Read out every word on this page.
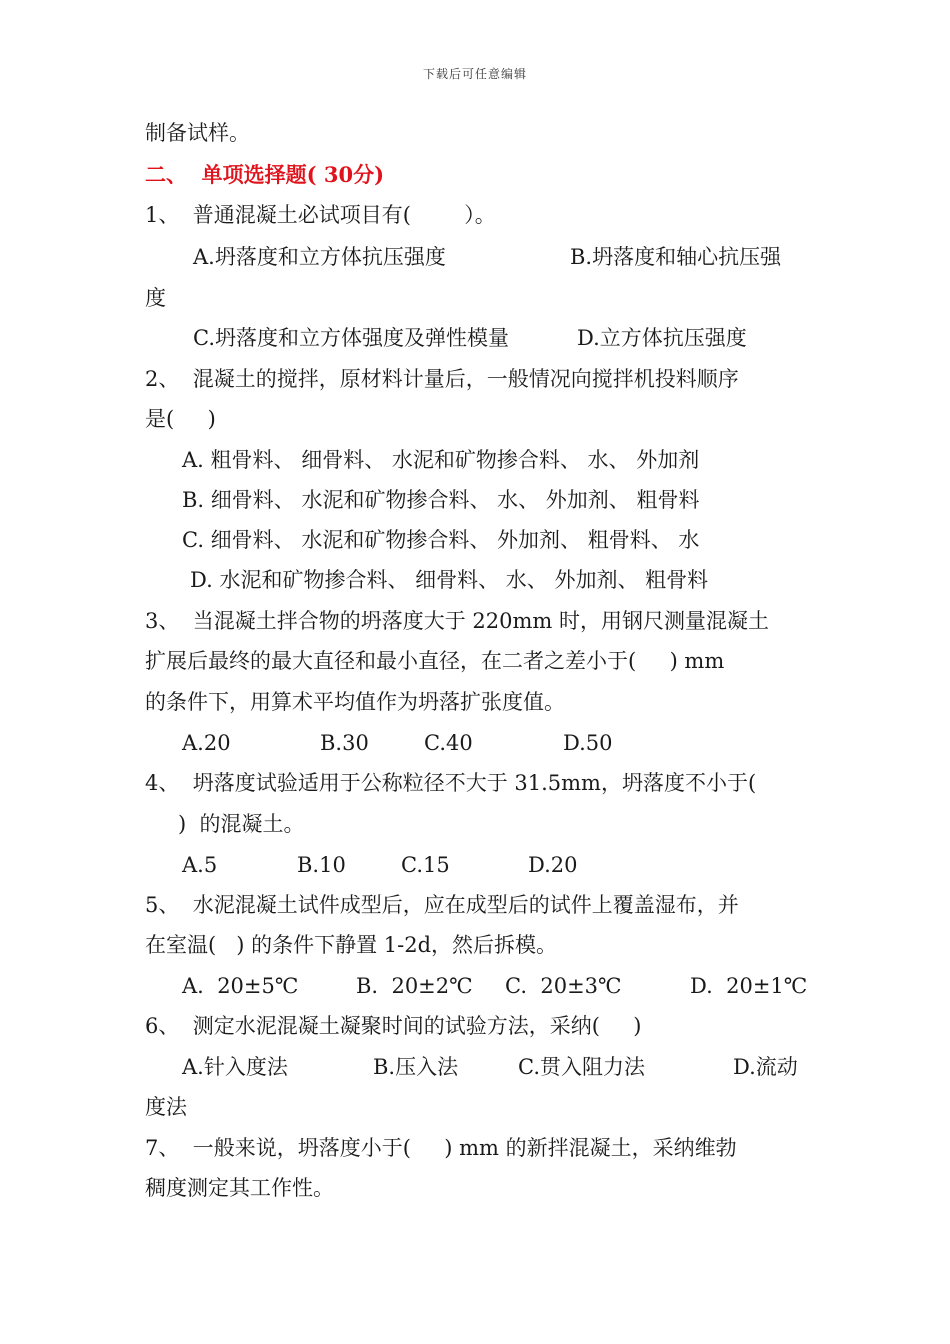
下载后可任意编辑
制备试样。
二、  单项选择题( 30分)
1、  普通混凝土必试项目有(        ）。
A.坍落度和立方体抗压强度	B.坍落度和轴心抗压强
度
C.坍落度和立方体强度及弹性模量	D.立方体抗压强度
2、  混凝土的搅拌，原材料计量后，一般情况向搅拌机投料顺序
是(     )
A. 粗骨料、 细骨料、 水泥和矿物掺合料、 水、 外加剂
B. 细骨料、 水泥和矿物掺合料、 水、 外加剂、 粗骨料
C. 细骨料、 水泥和矿物掺合料、 外加剂、 粗骨料、 水
D. 水泥和矿物掺合料、 细骨料、 水、 外加剂、 粗骨料
3、  当混凝土拌合物的坍落度大于 220mm 时，用钢尺测量混凝土
扩展后最终的最大直径和最小直径，在二者之差小于(     ) mm
的条件下，用算术平均值作为坍落扩张度值。
A.20	B.30	C.40	D.50
4、  坍落度试验适用于公称粒径不大于 31.5mm，坍落度不小于(
)  的混凝土。
A.5	B.10	C.15	D.20
5、  水泥混凝土试件成型后，应在成型后的试件上覆盖湿布，并
在室温(   ) 的条件下静置 1-2d，然后拆模。
A.  20±5℃	B.  20±2℃ C.  20±3℃	D.  20±1℃
6、  测定水泥混凝土凝聚时间的试验方法，采纳(     )
A.针入度法	B.压入法	C.贯入阻力法	D.流动
度法
7、  一般来说，坍落度小于(     ) mm 的新拌混凝土，采纳维勃
稠度测定其工作性。
